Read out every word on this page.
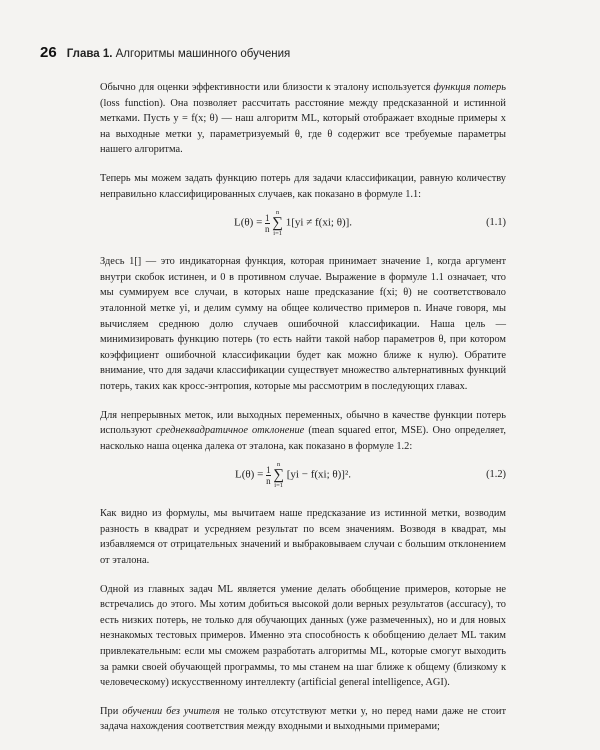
26 Глава 1. Алгоритмы машинного обучения

Обычно для оценки эффективности или близости к эталону используется функция потерь (loss function). Она позволяет рассчитать расстояние между предсказанной и истинной метками. Пусть y = f(x; θ) — наш алгоритм ML, который отображает входные примеры x на выходные метки y, параметризуемый θ, где θ содержит все требуемые параметры нашего алгоритма.

Теперь мы можем задать функцию потерь для задачи классификации, равную количеству неправильно классифицированных случаев, как показано в формуле 1.1:

$L(\theta) = \frac{1}{n}$ n
∑
i=1
1[yi ≠ f(xi; θ)].	(1.1)

Здесь 1[] — это индикаторная функция, которая принимает значение 1, когда аргумент внутри скобок истинен, и 0 в противном случае. Выражение в формуле 1.1 означает, что мы суммируем все случаи, в которых наше предсказание f(xi; θ) не соответствовало эталонной метке yi, и делим сумму на общее количество примеров n. Иначе говоря, мы вычисляем среднюю долю случаев ошибочной классификации. Наша цель — минимизировать функцию потерь (то есть найти такой набор параметров θ, при котором коэффициент ошибочной классификации будет как можно ближе к нулю). Обратите внимание, что для задачи классификации существует множество альтернативных функций потерь, таких как кросс-энтропия, которые мы рассмотрим в последующих главах.

Для непрерывных меток, или выходных переменных, обычно в качестве функции потерь используют среднеквадратичное отклонение (mean squared error, MSE). Оно определяет, насколько наша оценка далека от эталона, как показано в формуле 1.2:

$L(\theta) = \frac{1}{n}$ n
∑
i=1
[yi − f(xi; θ)]².	(1.2)

Как видно из формулы, мы вычитаем наше предсказание из истинной метки, возводим разность в квадрат и усредняем результат по всем значениям. Возводя в квадрат, мы избавляемся от отрицательных значений и выбраковываем случаи с большим отклонением от эталона.

Одной из главных задач ML является умение делать обобщение примеров, которые не встречались до этого. Мы хотим добиться высокой доли верных результатов (accuracy), то есть низких потерь, не только для обучающих данных (уже размеченных), но и для новых незнакомых тестовых примеров. Именно эта способность к обобщению делает ML таким привлекательным: если мы сможем разработать алгоритмы ML, которые смогут выходить за рамки своей обучающей программы, то мы станем на шаг ближе к общему (близкому к человеческому) искусственному интеллекту (artificial general intelligence, AGI).

При обучении без учителя не только отсутствуют метки y, но перед нами даже не стоит задача нахождения соответствия между входными и выходными примерами;
